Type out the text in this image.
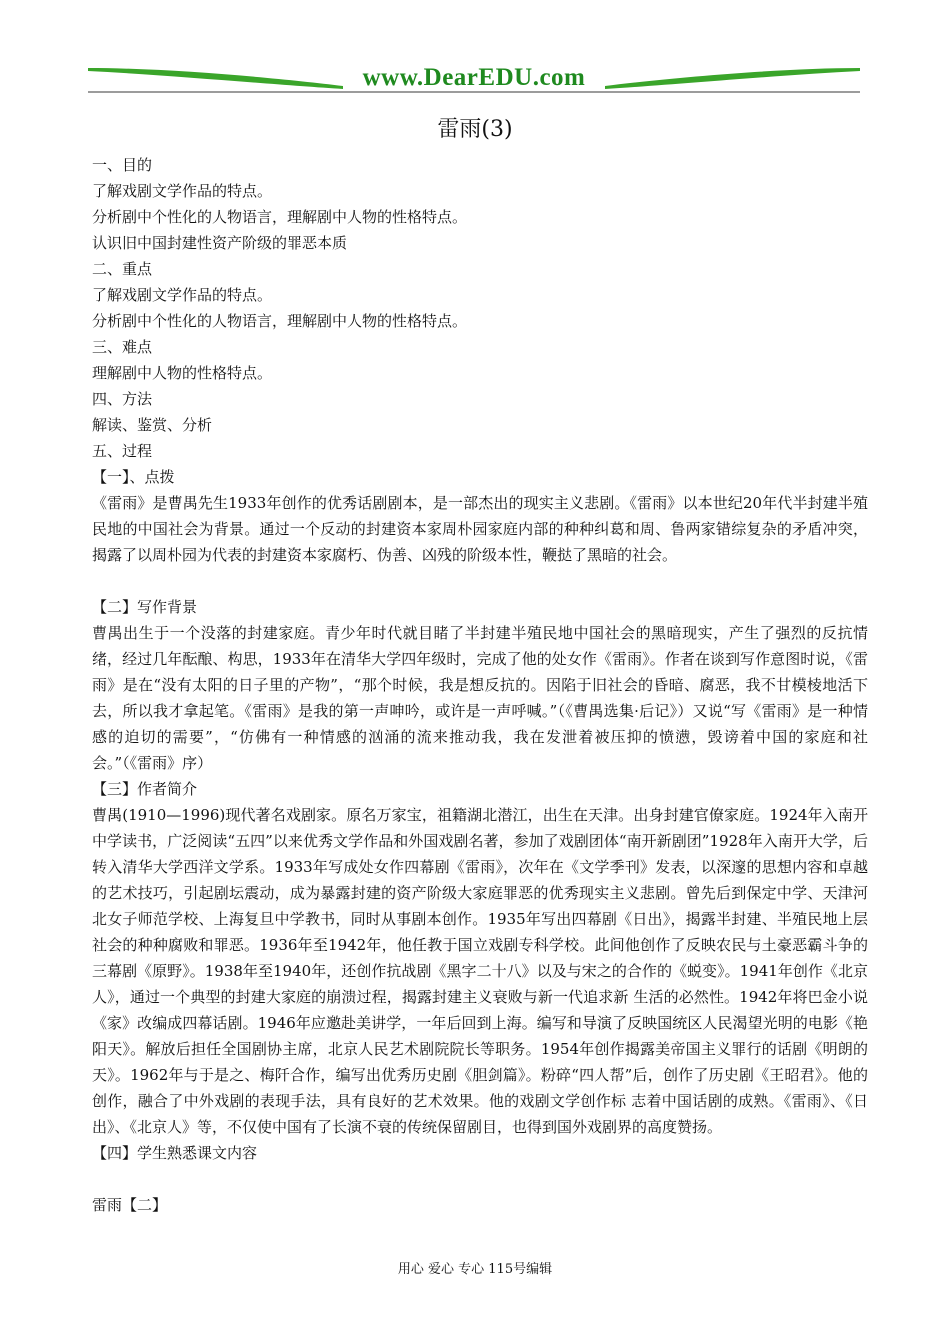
www.DearEDU.com
雷雨(3)

一、目的

了解戏剧文学作品的特点。

分析剧中个性化的人物语言，理解剧中人物的性格特点。

认识旧中国封建性资产阶级的罪恶本质

二、重点

了解戏剧文学作品的特点。

分析剧中个性化的人物语言，理解剧中人物的性格特点。

三、难点

理解剧中人物的性格特点。

四、方法

解读、鉴赏、分析

五、过程

【一】、点拨

《雷雨》是曹禺先生1933年创作的优秀话剧剧本，是一部杰出的现实主义悲剧。《雷雨》以本世纪20年代半封建半殖民地的中国社会为背景。通过一个反动的封建资本家周朴园家庭内部的种种纠葛和周、鲁两家错综复杂的矛盾冲突，揭露了以周朴园为代表的封建资本家腐朽、伪善、凶残的阶级本性，鞭挞了黑暗的社会。

【二】写作背景

曹禺出生于一个没落的封建家庭。青少年时代就目睹了半封建半殖民地中国社会的黑暗现实，产生了强烈的反抗情绪，经过几年酝酿、构思，1933年在清华大学四年级时，完成了他的处女作《雷雨》。作者在谈到写作意图时说，《雷雨》是在“没有太阳的日子里的产物”，“那个时候，我是想反抗的。因陷于旧社会的昏暗、腐恶，我不甘模棱地活下去，所以我才拿起笔。《雷雨》是我的第一声呻吟，或许是一声呼喊。”（《曹禺选集·后记》）又说“写《雷雨》是一种情感的迫切的需要”，“仿佛有一种情感的汹涌的流来推动我，我在发泄着被压抑的愤懑，毁谤着中国的家庭和社会。”（《雷雨》序）

【三】作者简介

曹禺(1910—1996)现代著名戏剧家。原名万家宝，祖籍湖北潜江，出生在天津。出身封建官僚家庭。1924年入南开中学读书，广泛阅读“五四”以来优秀文学作品和外国戏剧名著，参加了戏剧团体“南开新剧团”1928年入南开大学，后转入清华大学西洋文学系。1933年写成处女作四幕剧《雷雨》，次年在《文学季刊》发表，以深邃的思想内容和卓越的艺术技巧，引起剧坛震动，成为暴露封建的资产阶级大家庭罪恶的优秀现实主义悲剧。曾先后到保定中学、天津河北女子师范学校、上海复旦中学教书，同时从事剧本创作。1935年写出四幕剧《日出》，揭露半封建、半殖民地上层社会的种种腐败和罪恶。1936年至1942年，他任教于国立戏剧专科学校。此间他创作了反映农民与土豪恶霸斗争的三幕剧《原野》。1938年至1940年，还创作抗战剧《黑字二十八》以及与宋之的合作的《蜕变》。1941年创作《北京人》，通过一个典型的封建大家庭的崩溃过程，揭露封建主义衰败与新一代追求新 生活的必然性。1942年将巴金小说《家》改编成四幕话剧。1946年应邀赴美讲学，一年后回到上海。编写和导演了反映国统区人民渴望光明的电影《艳阳天》。解放后担任全国剧协主席，北京人民艺术剧院院长等职务。1954年创作揭露美帝国主义罪行的话剧《明朗的天》。1962年与于是之、梅阡合作，编写出优秀历史剧《胆剑篇》。粉碎“四人帮”后，创作了历史剧《王昭君》。他的创作，融合了中外戏剧的表现手法，具有良好的艺术效果。他的戏剧文学创作标 志着中国话剧的成熟。《雷雨》、《日出》、《北京人》等，不仅使中国有了长演不衰的传统保留剧目，也得到国外戏剧界的高度赞扬。

【四】学生熟悉课文内容

雷雨【二】

用心 爱心 专心 115号编辑
